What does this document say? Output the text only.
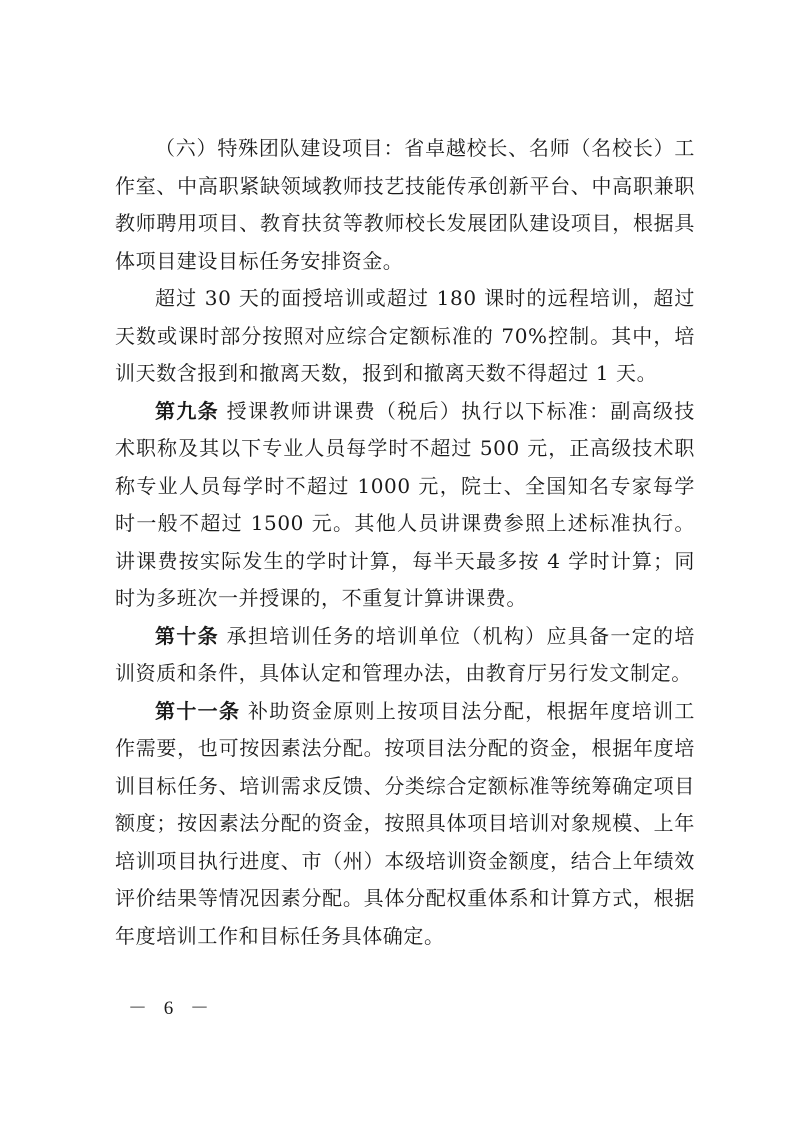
（六）特殊团队建设项目：省卓越校长、名师（名校长）工作室、中高职紧缺领域教师技艺技能传承创新平台、中高职兼职教师聘用项目、教育扶贫等教师校长发展团队建设项目，根据具体项目建设目标任务安排资金。

超过 30 天的面授培训或超过 180 课时的远程培训，超过天数或课时部分按照对应综合定额标准的 70%控制。其中，培训天数含报到和撤离天数，报到和撤离天数不得超过 1 天。

第九条 授课教师讲课费（税后）执行以下标准：副高级技术职称及其以下专业人员每学时不超过 500 元，正高级技术职称专业人员每学时不超过 1000 元，院士、全国知名专家每学时一般不超过 1500 元。其他人员讲课费参照上述标准执行。讲课费按实际发生的学时计算，每半天最多按 4 学时计算；同时为多班次一并授课的，不重复计算讲课费。

第十条 承担培训任务的培训单位（机构）应具备一定的培训资质和条件，具体认定和管理办法，由教育厅另行发文制定。

第十一条 补助资金原则上按项目法分配，根据年度培训工作需要，也可按因素法分配。按项目法分配的资金，根据年度培训目标任务、培训需求反馈、分类综合定额标准等统筹确定项目额度；按因素法分配的资金，按照具体项目培训对象规模、上年培训项目执行进度、市（州）本级培训资金额度，结合上年绩效评价结果等情况因素分配。具体分配权重体系和计算方式，根据年度培训工作和目标任务具体确定。

－ 6 －
